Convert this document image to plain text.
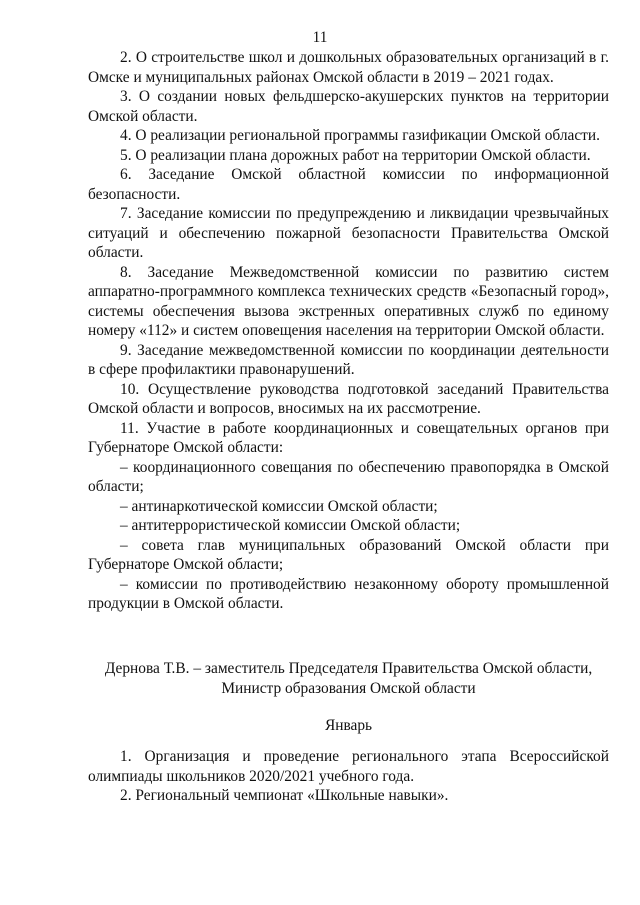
11

2. О строительстве школ и дошкольных образовательных организаций в г. Омске и муниципальных районах Омской области в 2019 – 2021 годах.

3. О создании новых фельдшерско-акушерских пунктов на территории Омской области.

4. О реализации региональной программы газификации Омской области.

5. О реализации плана дорожных работ на территории Омской области.

6. Заседание Омской областной комиссии по информационной безопасности.

7. Заседание комиссии по предупреждению и ликвидации чрезвычайных ситуаций и обеспечению пожарной безопасности Правительства Омской области.

8. Заседание Межведомственной комиссии по развитию систем аппаратно-программного комплекса технических средств «Безопасный город», системы обеспечения вызова экстренных оперативных служб по единому номеру «112» и систем оповещения населения на территории Омской области.

9. Заседание межведомственной комиссии по координации деятельности в сфере профилактики правонарушений.

10. Осуществление руководства подготовкой заседаний Правительства Омской области и вопросов, вносимых на их рассмотрение.

11. Участие в работе координационных и совещательных органов при Губернаторе Омской области:

– координационного совещания по обеспечению правопорядка в Омской области;

– антинаркотической комиссии Омской области;

– антитеррористической комиссии Омской области;

– совета глав муниципальных образований Омской области при Губернаторе Омской области;

– комиссии по противодействию незаконному обороту промышленной продукции в Омской области.

Дернова Т.В. – заместитель Председателя Правительства Омской области,
Министр образования Омской области
Январь

1. Организация и проведение регионального этапа Всероссийской олимпиады школьников 2020/2021 учебного года.

2. Региональный чемпионат «Школьные навыки».
